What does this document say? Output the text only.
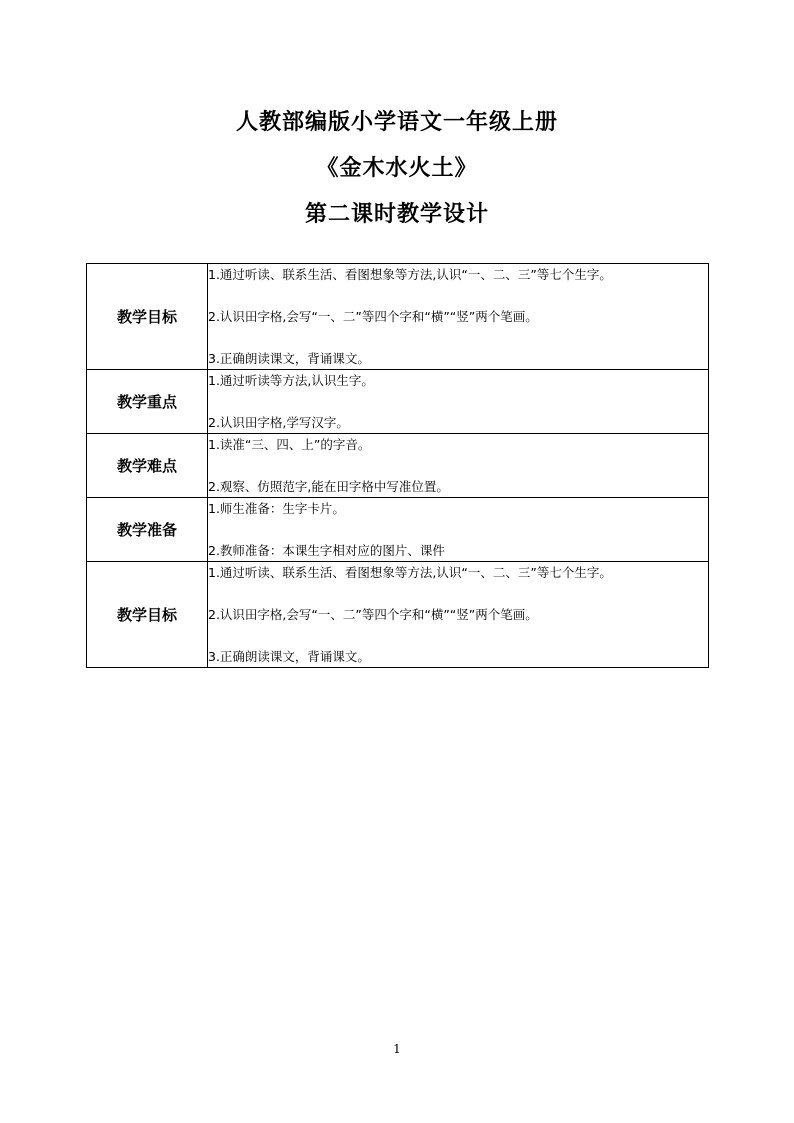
人教部编版小学语文一年级上册
《金木水火土》
第二课时教学设计
教学目标	1.通过听读、联系生活、看图想象等方法,认识“一、二、三”等七个生字。
2.认识田字格,会写“一、二”等四个字和“横”“竖”两个笔画。
3.正确朗读课文，背诵课文。

教学重点	1.通过听读等方法,认识生字。
2.认识田字格,学写汉字。

教学难点	1.读准“三、四、上”的字音。
2.观察、仿照范字,能在田字格中写准位置。

教学准备	1.师生准备：生字卡片。
2.教师准备：本课生字相对应的图片、课件

教学目标	1.通过听读、联系生活、看图想象等方法,认识“一、二、三”等七个生字。
2.认识田字格,会写“一、二”等四个字和“横”“竖”两个笔画。
3.正确朗读课文，背诵课文。
1
